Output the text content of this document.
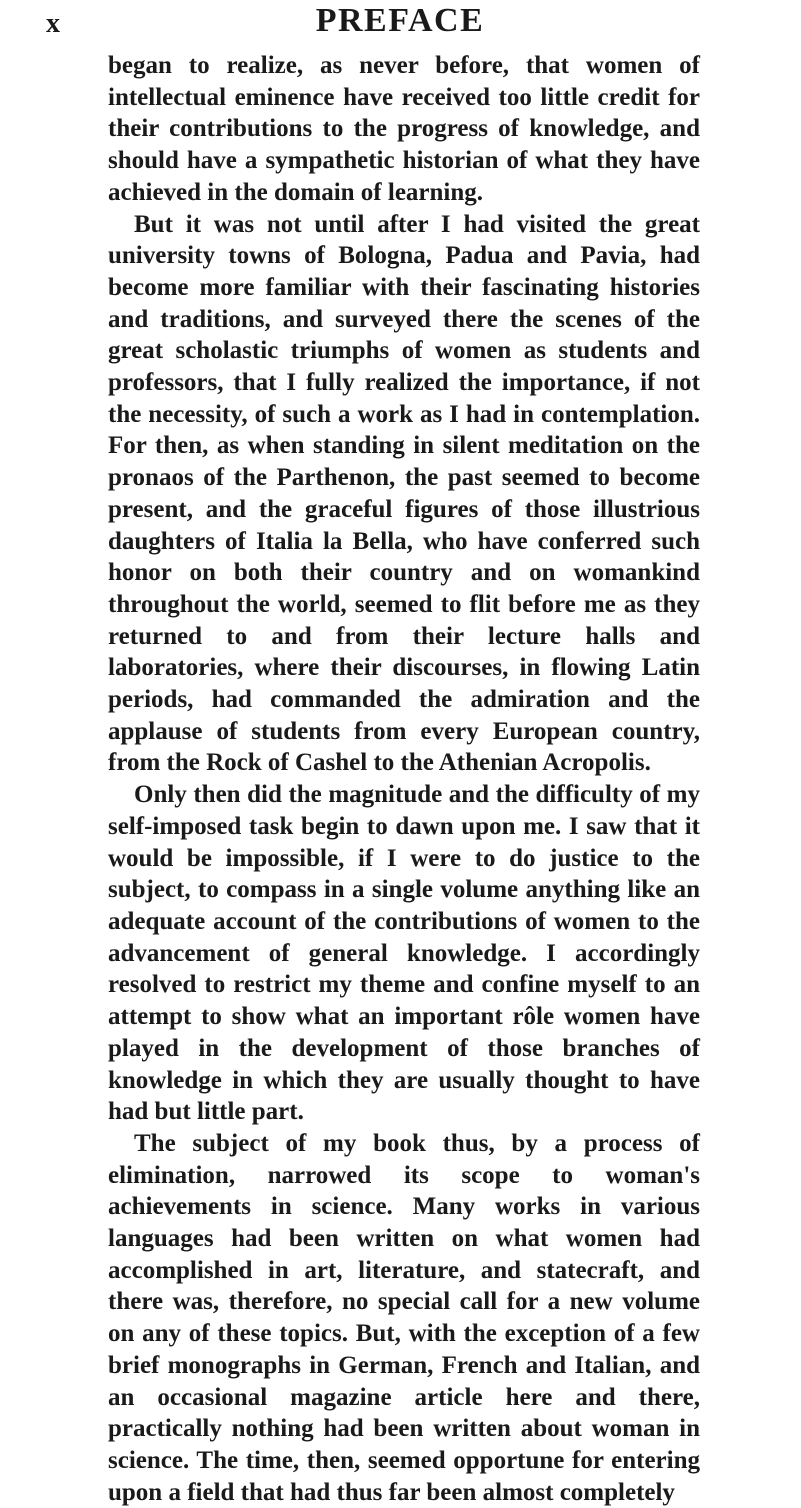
x	PREFACE

began to realize, as never before, that women of intellectual eminence have received too little credit for their contributions to the progress of knowledge, and should have a sympathetic historian of what they have achieved in the domain of learning.

But it was not until after I had visited the great university towns of Bologna, Padua and Pavia, had become more familiar with their fascinating histories and traditions, and surveyed there the scenes of the great scholastic triumphs of women as students and professors, that I fully realized the importance, if not the necessity, of such a work as I had in contemplation. For then, as when standing in silent meditation on the pronaos of the Parthenon, the past seemed to become present, and the graceful figures of those illustrious daughters of Italia la Bella, who have conferred such honor on both their country and on womankind throughout the world, seemed to flit before me as they returned to and from their lecture halls and laboratories, where their discourses, in flowing Latin periods, had commanded the admiration and the applause of students from every European country, from the Rock of Cashel to the Athenian Acropolis.

Only then did the magnitude and the difficulty of my self-imposed task begin to dawn upon me. I saw that it would be impossible, if I were to do justice to the subject, to compass in a single volume anything like an adequate account of the contributions of women to the advancement of general knowledge. I accordingly resolved to restrict my theme and confine myself to an attempt to show what an important rôle women have played in the development of those branches of knowledge in which they are usually thought to have had but little part.

The subject of my book thus, by a process of elimination, narrowed its scope to woman's achievements in science. Many works in various languages had been written on what women had accomplished in art, literature, and statecraft, and there was, therefore, no special call for a new volume on any of these topics. But, with the exception of a few brief monographs in German, French and Italian, and an occasional magazine article here and there, practically nothing had been written about woman in science. The time, then, seemed opportune for entering upon a field that had thus far been almost completely
